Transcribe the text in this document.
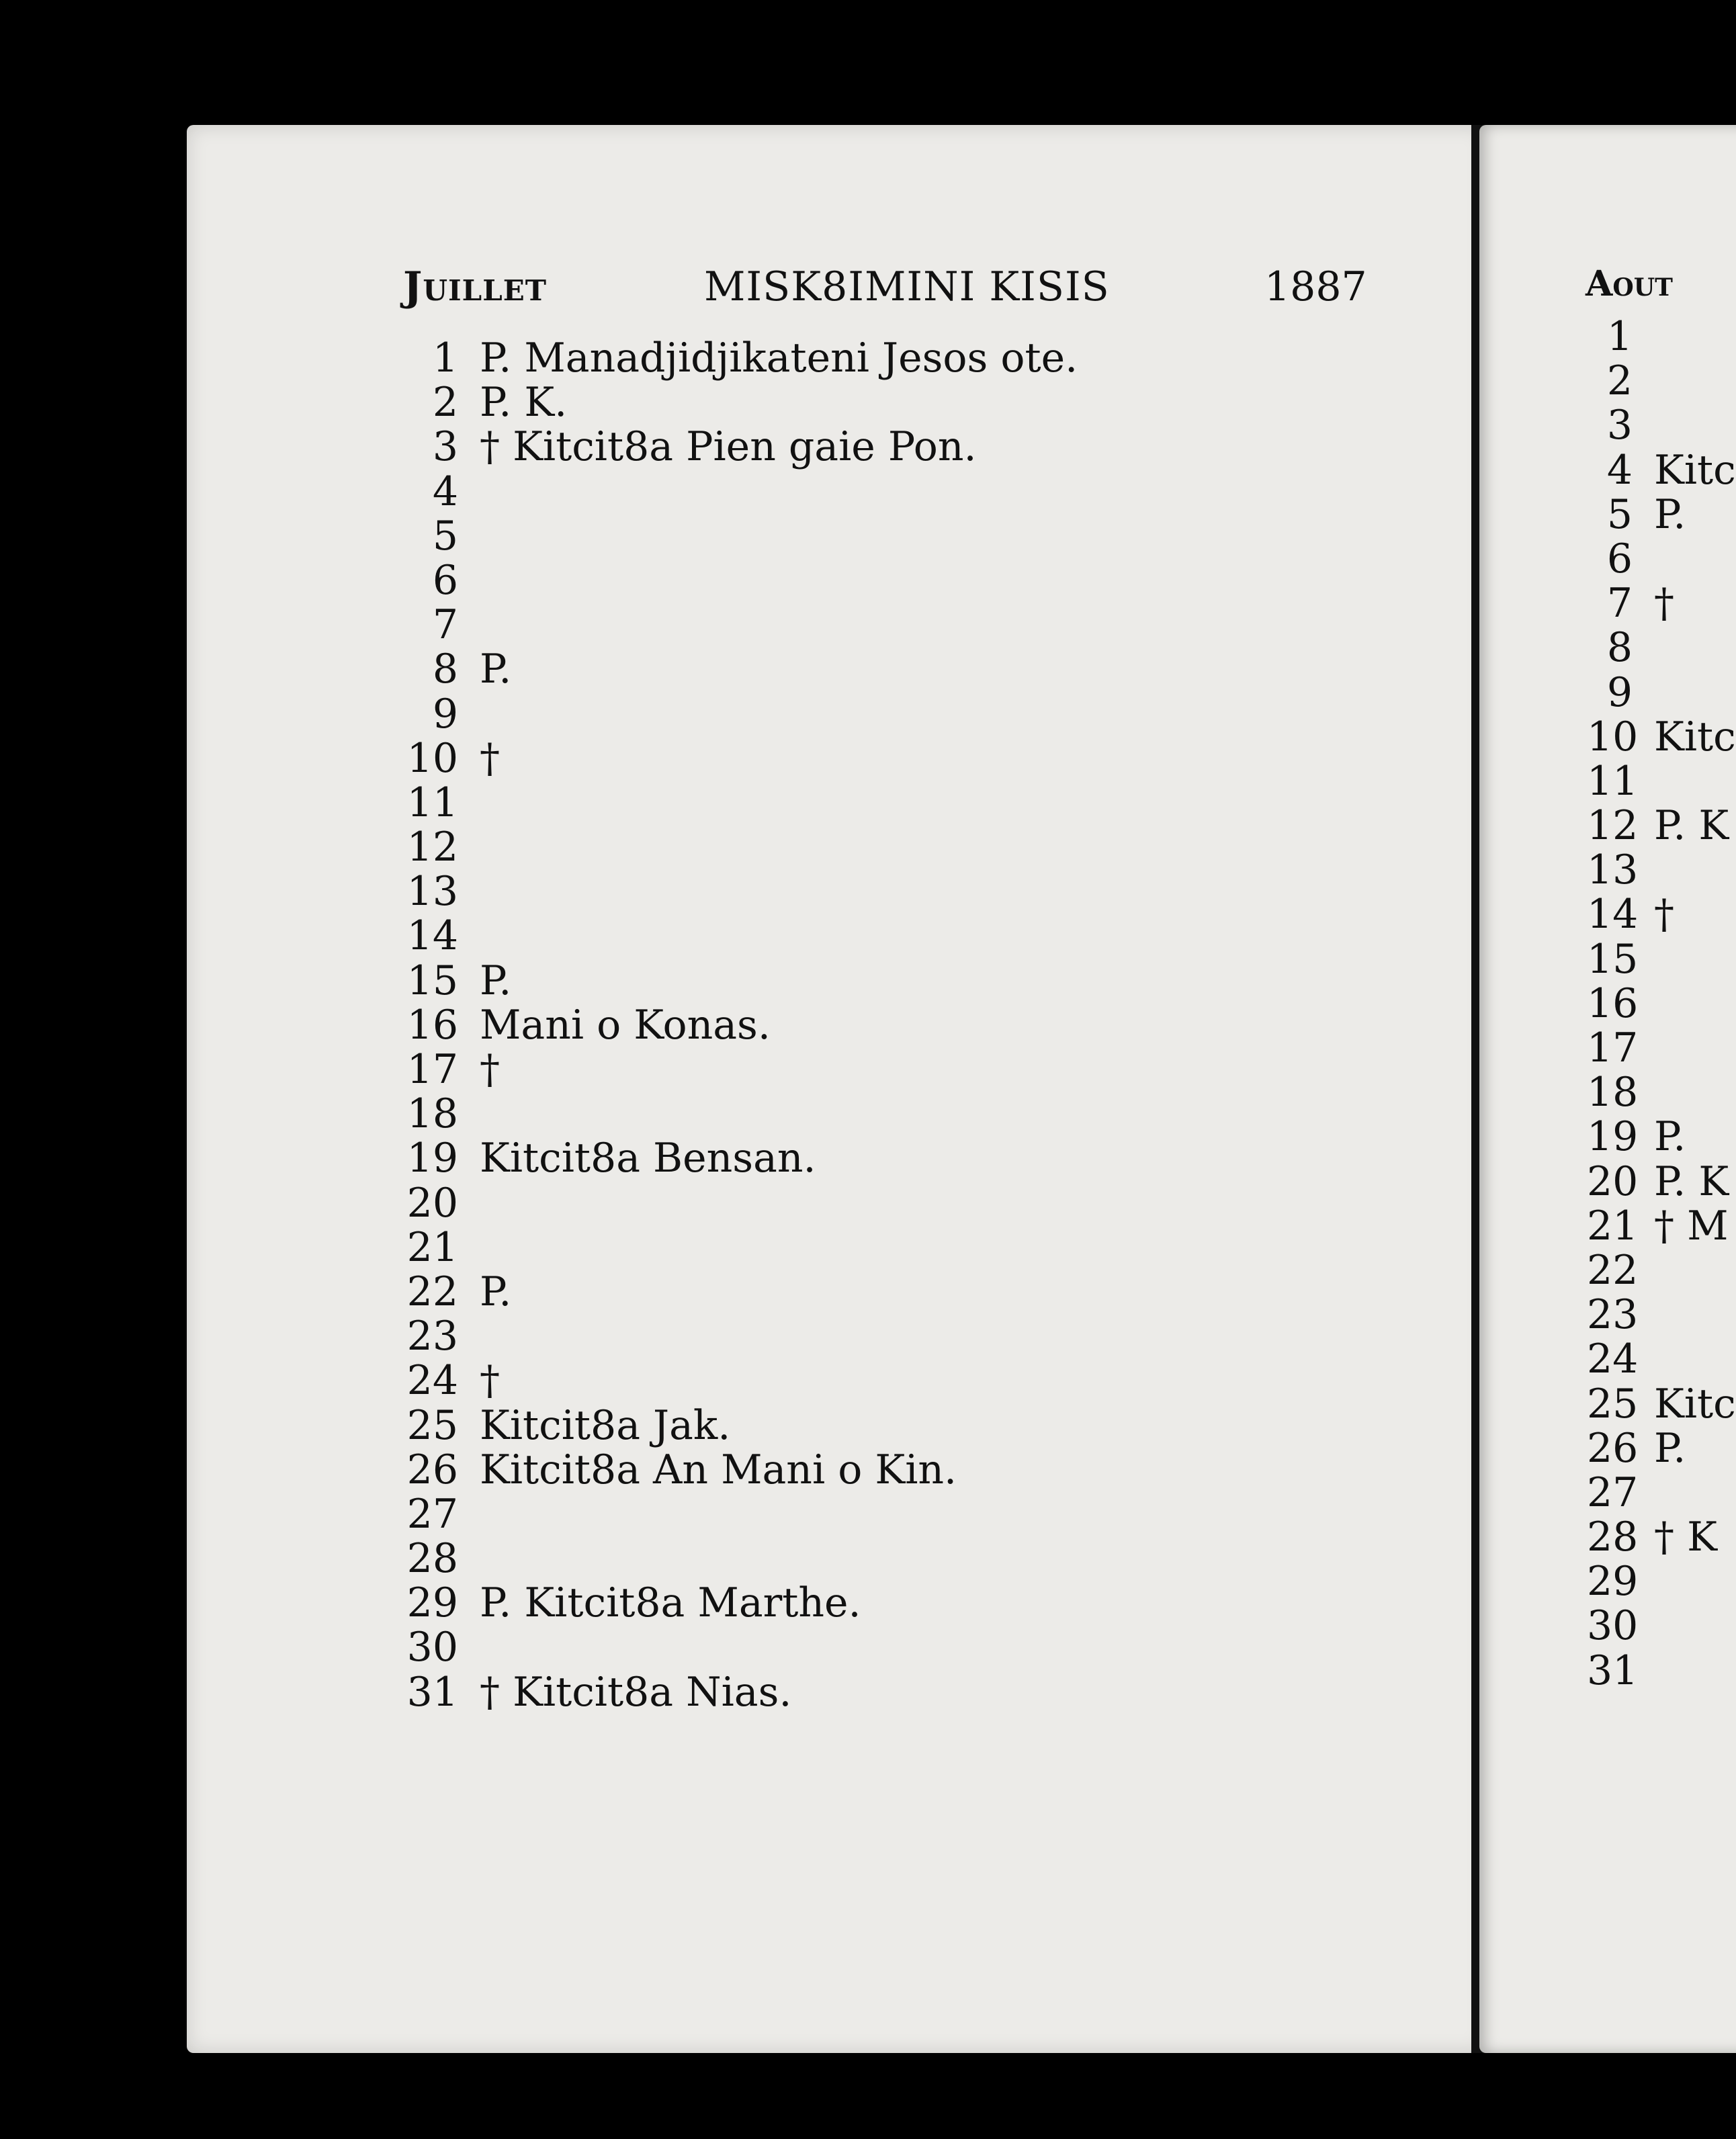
Juillet	MISK8IMINI KISIS	1887	Aout
1 P. Manadjidjikateni Jesos ote.
2 P. K.
3 † Kitcit8a Pien gaie Pon.
4
5
6
7
8 P.
9
10 †
11
12
13
14
15 P.
16 Mani o Konas.
17 †
18
19 Kitcit8a Bensan.
20
21
22 P.
23
24 †
25 Kitcit8a Jak.
26 Kitcit8a An Mani o Kin.
27
28
29 P. Kitcit8a Marthe.
30
31 † Kitcit8a Nias.
1
2
3
4 Kitc
5 P.
6
7 †
8
9
10 Kitc
11
12 P. K
13
14 †
15
16
17
18
19 P.
20 P. K
21 † M
22
23
24
25 Kitc
26 P.
27
28 † K
29
30
31
